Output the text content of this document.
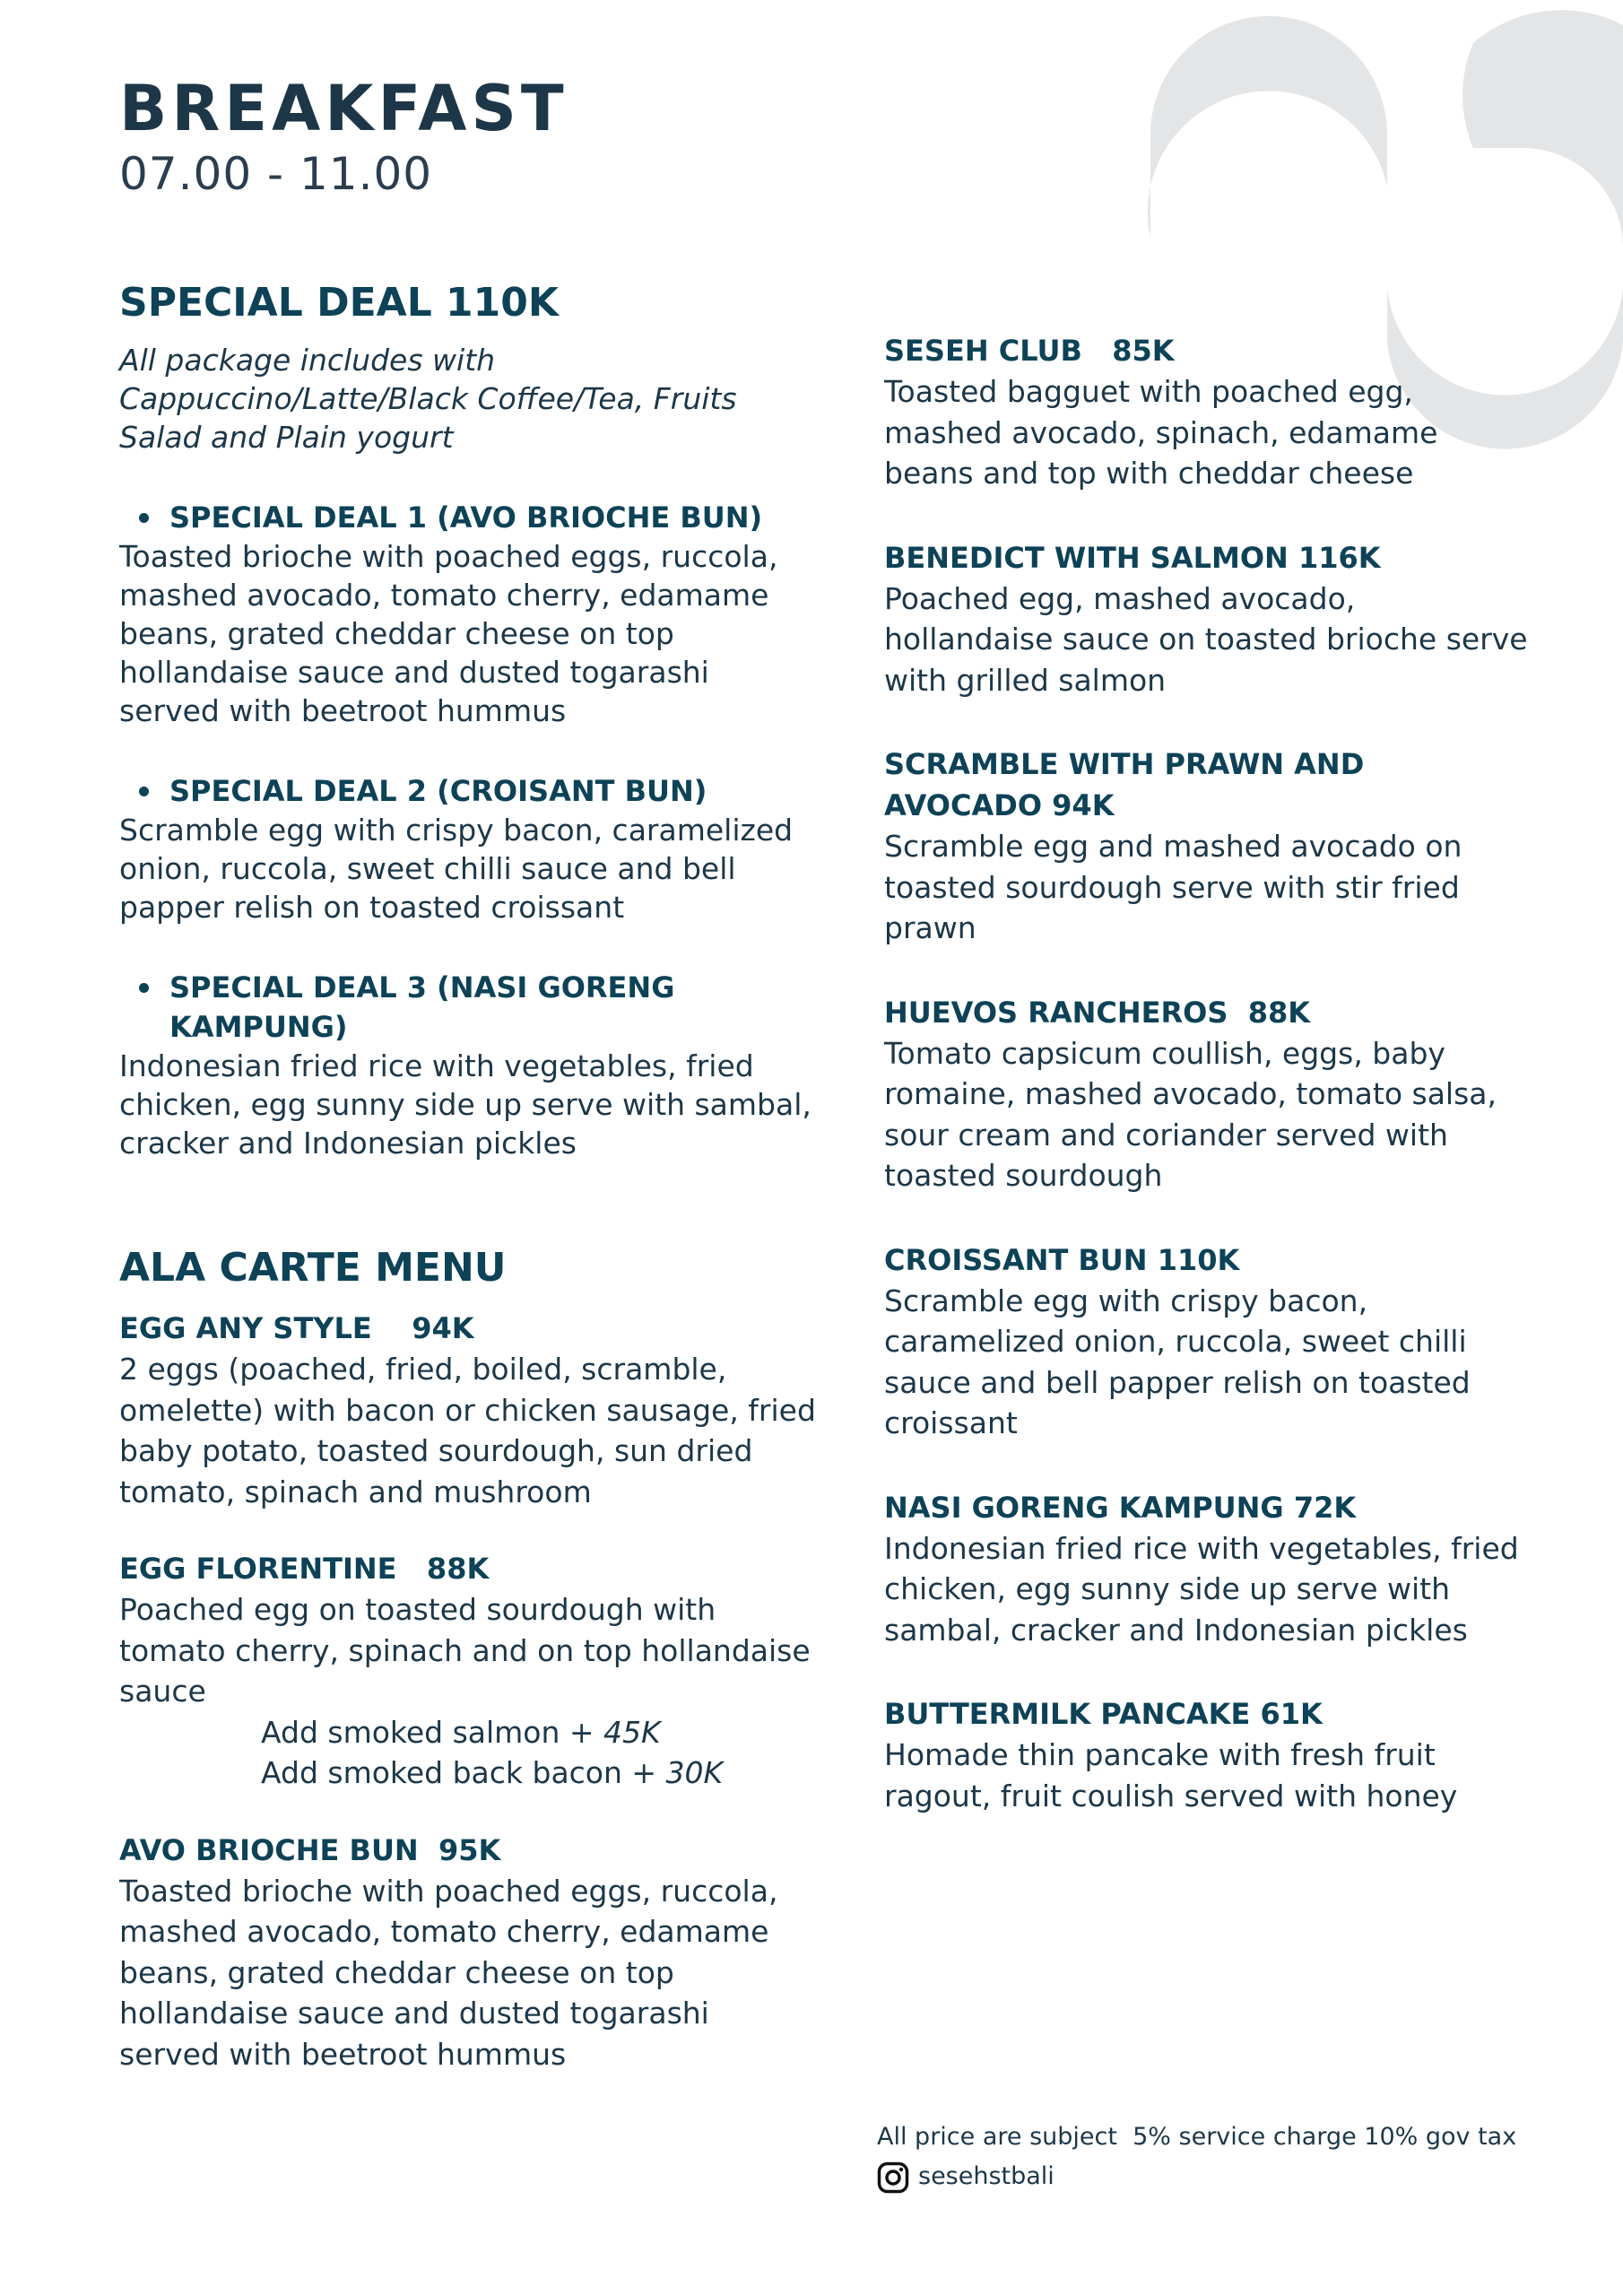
BREAKFAST
07.00 - 11.00
SPECIAL DEAL 110K
All package includes with Cappuccino/Latte/Black Coffee/Tea, Fruits Salad and Plain yogurt
SPECIAL DEAL 1 (AVO BRIOCHE BUN)
Toasted brioche with poached eggs, ruccola, mashed avocado, tomato cherry, edamame beans, grated cheddar cheese on top hollandaise sauce and dusted togarashi served with beetroot hummus
SPECIAL DEAL 2 (CROISANT BUN)
Scramble egg with crispy bacon, caramelized onion, ruccola, sweet chilli sauce and bell papper relish on toasted croissant
SPECIAL DEAL 3 (NASI GORENG KAMPUNG)
Indonesian fried rice with vegetables, fried chicken, egg sunny side up serve with sambal, cracker and Indonesian pickles
ALA CARTE MENU
EGG ANY STYLE    94K
2 eggs (poached, fried, boiled, scramble, omelette) with bacon or chicken sausage, fried baby potato, toasted sourdough, sun dried tomato, spinach and mushroom
EGG FLORENTINE   88K
Poached egg on toasted sourdough with tomato cherry, spinach and on top hollandaise sauce
Add smoked salmon + 45K
Add smoked back bacon + 30K
AVO BRIOCHE BUN  95K
Toasted brioche with poached eggs, ruccola, mashed avocado, tomato cherry, edamame beans, grated cheddar cheese on top hollandaise sauce and dusted togarashi served with beetroot hummus
SESEH CLUB   85K
Toasted bagguet with poached egg, mashed avocado, spinach, edamame beans and top with cheddar cheese
BENEDICT WITH SALMON 116K
Poached egg, mashed avocado, hollandaise sauce on toasted brioche serve with grilled salmon
SCRAMBLE WITH PRAWN AND AVOCADO 94K
Scramble egg and mashed avocado on toasted sourdough serve with stir fried prawn
HUEVOS RANCHEROS  88K
Tomato capsicum coullish, eggs, baby romaine, mashed avocado, tomato salsa, sour cream and coriander served with toasted sourdough
CROISSANT BUN 110K
Scramble egg with crispy bacon, caramelized onion, ruccola, sweet chilli sauce and bell papper relish on toasted croissant
NASI GORENG KAMPUNG 72K
Indonesian fried rice with vegetables, fried chicken, egg sunny side up serve with sambal, cracker and Indonesian pickles
BUTTERMILK PANCAKE 61K
Homade thin pancake with fresh fruit ragout, fruit coulish served with honey
All price are subject  5% service charge 10% gov tax
sesehstbali
